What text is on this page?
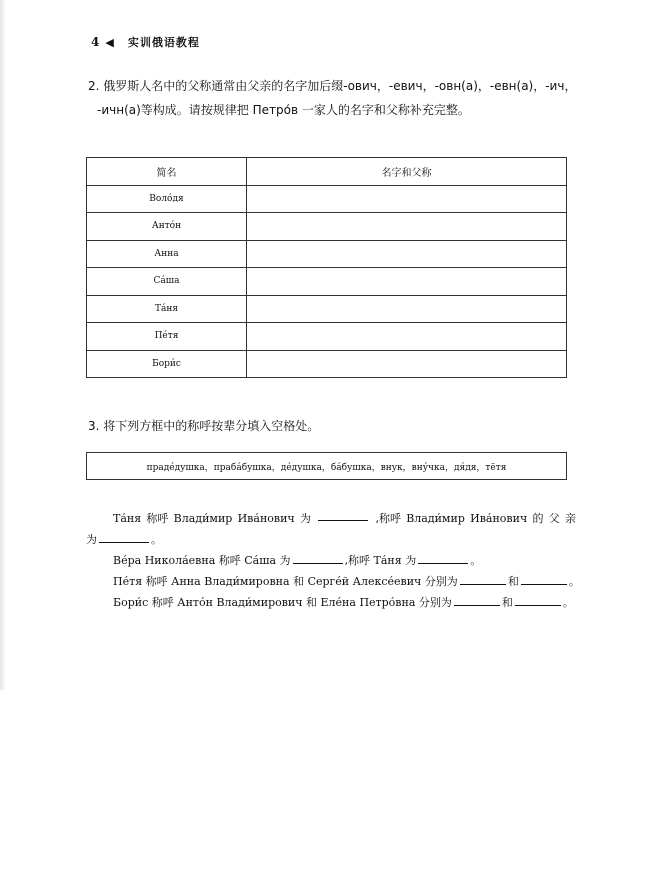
4 ◀ 实训俄语教程
2. 俄罗斯人名中的父称通常由父亲的名字加后缀-ович，-евич，-овн(а)，-евн(а)，-ич，
-ичн(а)等构成。请按规律把 Петро́в 一家人的名字和父称补充完整。
简名	名字和父称
Воло́дя	
Анто́н	
Анна	
Са́ша	
Та́ня	
Пе́тя	
Бори́с	
3. 将下列方框中的称呼按辈分填入空格处。
праде́душка，праба́бушка，де́душка，ба́бушка，внук，вну́чка，дя́дя，тётя
Та́ня 称呼 Влади́мир Ива́нович 为	,称呼 Влади́мир Ива́нович 的 父 亲
为	。
Ве́ра Никола́евна 称呼 Са́ша 为	,称呼 Та́ня 为	。
Пе́тя 称呼 Анна Влади́мировна 和 Серге́й Алексе́евич 分别为	和	。
Бори́с 称呼 Анто́н Влади́мирович 和 Еле́на Петро́вна 分别为	和	。
